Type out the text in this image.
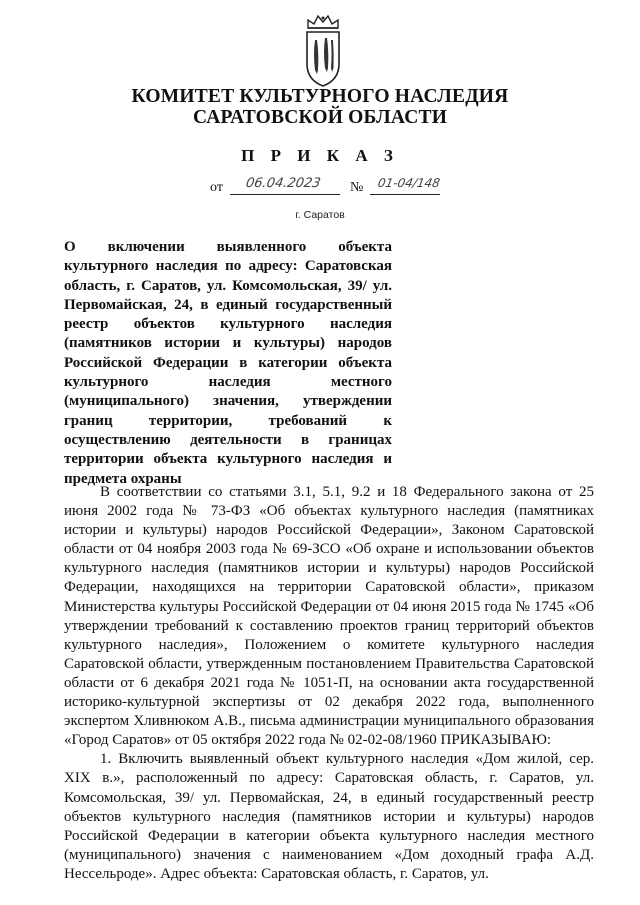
КОМИТЕТ КУЛЬТУРНОГО НАСЛЕДИЯ
САРАТОВСКОЙ ОБЛАСТИ
П Р И К А З
от 06.04.2023 № 01-04/148
г. Саратов
О включении выявленного объекта культурного наследия по адресу: Саратовская область, г. Саратов, ул. Комсомольская, 39/ ул. Первомайская, 24, в единый государственный реестр объектов культурного наследия (памятников истории и культуры) народов Российской Федерации в категории объекта культурного наследия местного (муниципального) значения, утверждении границ территории, требований к осуществлению деятельности в границах территории объекта культурного наследия и предмета охраны

В соответствии со статьями 3.1, 5.1, 9.2 и 18 Федерального закона от 25 июня 2002 года № 73-ФЗ «Об объектах культурного наследия (памятниках истории и культуры) народов Российской Федерации», Законом Саратовской области от 04 ноября 2003 года № 69-ЗСО «Об охране и использовании объектов культурного наследия (памятников истории и культуры) народов Российской Федерации, находящихся на территории Саратовской области», приказом Министерства культуры Российской Федерации от 04 июня 2015 года № 1745 «Об утверждении требований к составлению проектов границ территорий объектов культурного наследия», Положением о комитете культурного наследия Саратовской области, утвержденным постановлением Правительства Саратовской области от 6 декабря 2021 года № 1051-П, на основании акта государственной историко-культурной экспертизы от 02 декабря 2022 года, выполненного экспертом Хливнюком А.В., письма администрации муниципального образования «Город Саратов» от 05 октября 2022 года № 02-02-08/1960 ПРИКАЗЫВАЮ:

1. Включить выявленный объект культурного наследия «Дом жилой, сер. XIX в.», расположенный по адресу: Саратовская область, г. Саратов, ул. Комсомольская, 39/ ул. Первомайская, 24, в единый государственный реестр объектов культурного наследия (памятников истории и культуры) народов Российской Федерации в категории объекта культурного наследия местного (муниципального) значения с наименованием «Дом доходный графа А.Д. Нессельроде». Адрес объекта: Саратовская область, г. Саратов, ул.
